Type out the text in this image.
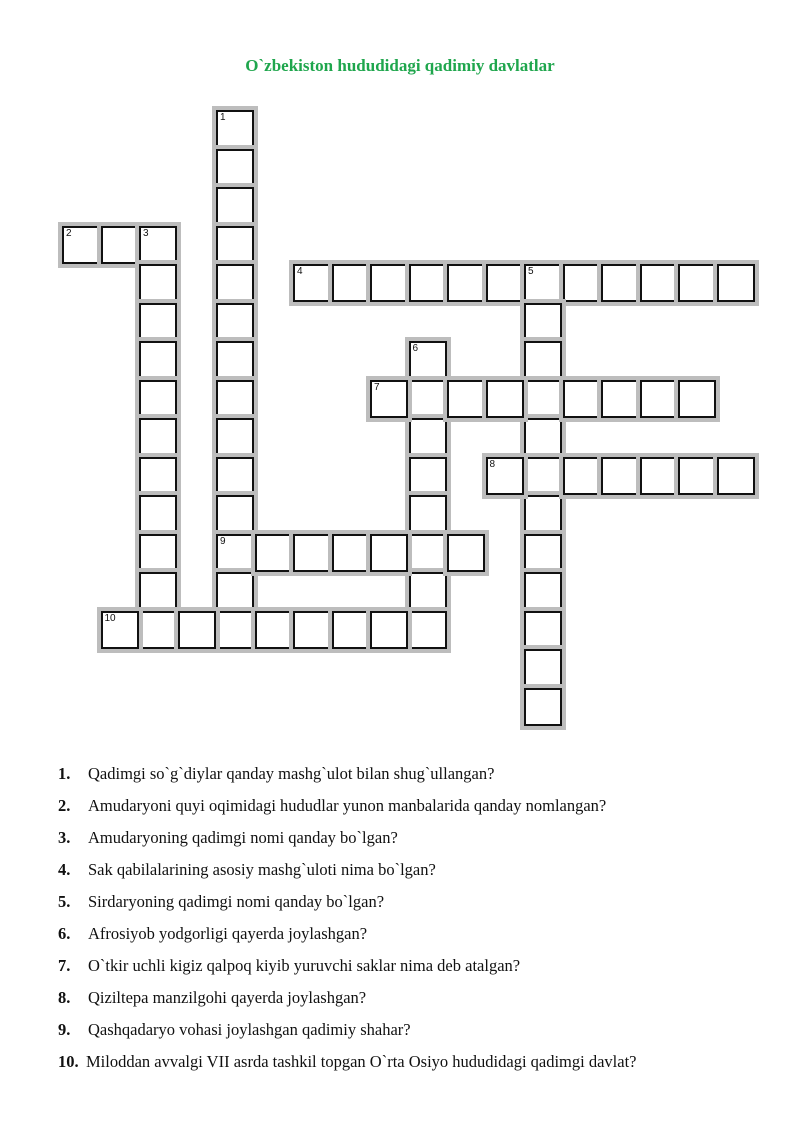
O`zbekiston hududidagi qadimiy davlatlar
1
9
2	3
4	5
6
7
8
10
1.	Qadimgi so`g`diylar qanday mashg`ulot bilan shug`ullangan?
2.	Amudaryoni quyi oqimidagi hududlar yunon manbalarida qanday nomlangan?
3.	Amudaryoning qadimgi nomi qanday bo`lgan?
4.	Sak qabilalarining asosiy mashg`uloti nima bo`lgan?
5.	Sirdaryoning qadimgi nomi qanday bo`lgan?
6.	Afrosiyob yodgorligi qayerda joylashgan?
7.	O`tkir uchli kigiz qalpoq kiyib yuruvchi saklar nima deb atalgan?
8.	Qiziltepa manzilgohi qayerda joylashgan?
9.	Qashqadaryo vohasi joylashgan qadimiy shahar?
10. Miloddan avvalgi VII asrda tashkil topgan O`rta Osiyo hududidagi qadimgi davlat?
